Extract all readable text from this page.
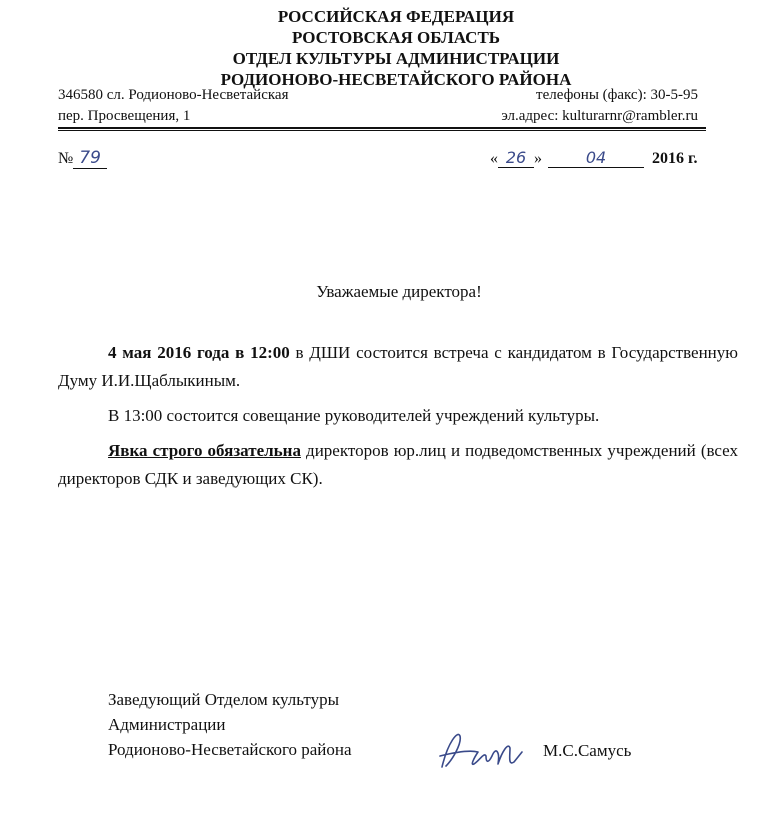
РОССИЙСКАЯ ФЕДЕРАЦИЯ
РОСТОВСКАЯ ОБЛАСТЬ
ОТДЕЛ КУЛЬТУРЫ АДМИНИСТРАЦИИ
РОДИОНОВО-НЕСВЕТАЙСКОГО РАЙОНА
346580 сл. Родионово-Несветайская
пер. Просвещения, 1
телефоны (факс): 30-5-95
эл.адрес: kulturarnr@rambler.ru
№ 79	« 26 »	04	2016 г.
Уважаемые директора!
4 мая 2016 года в 12:00 в ДШИ состоится встреча с кандидатом в Государственную Думу И.И.Щаблыкиным.
В 13:00 состоится совещание руководителей учреждений культуры.
Явка строго обязательна директоров юр.лиц и подведомственных учреждений (всех директоров СДК и заведующих СК).
Заведующий Отделом культуры
Администрации
Родионово-Несветайского района	М.С.Самусь
